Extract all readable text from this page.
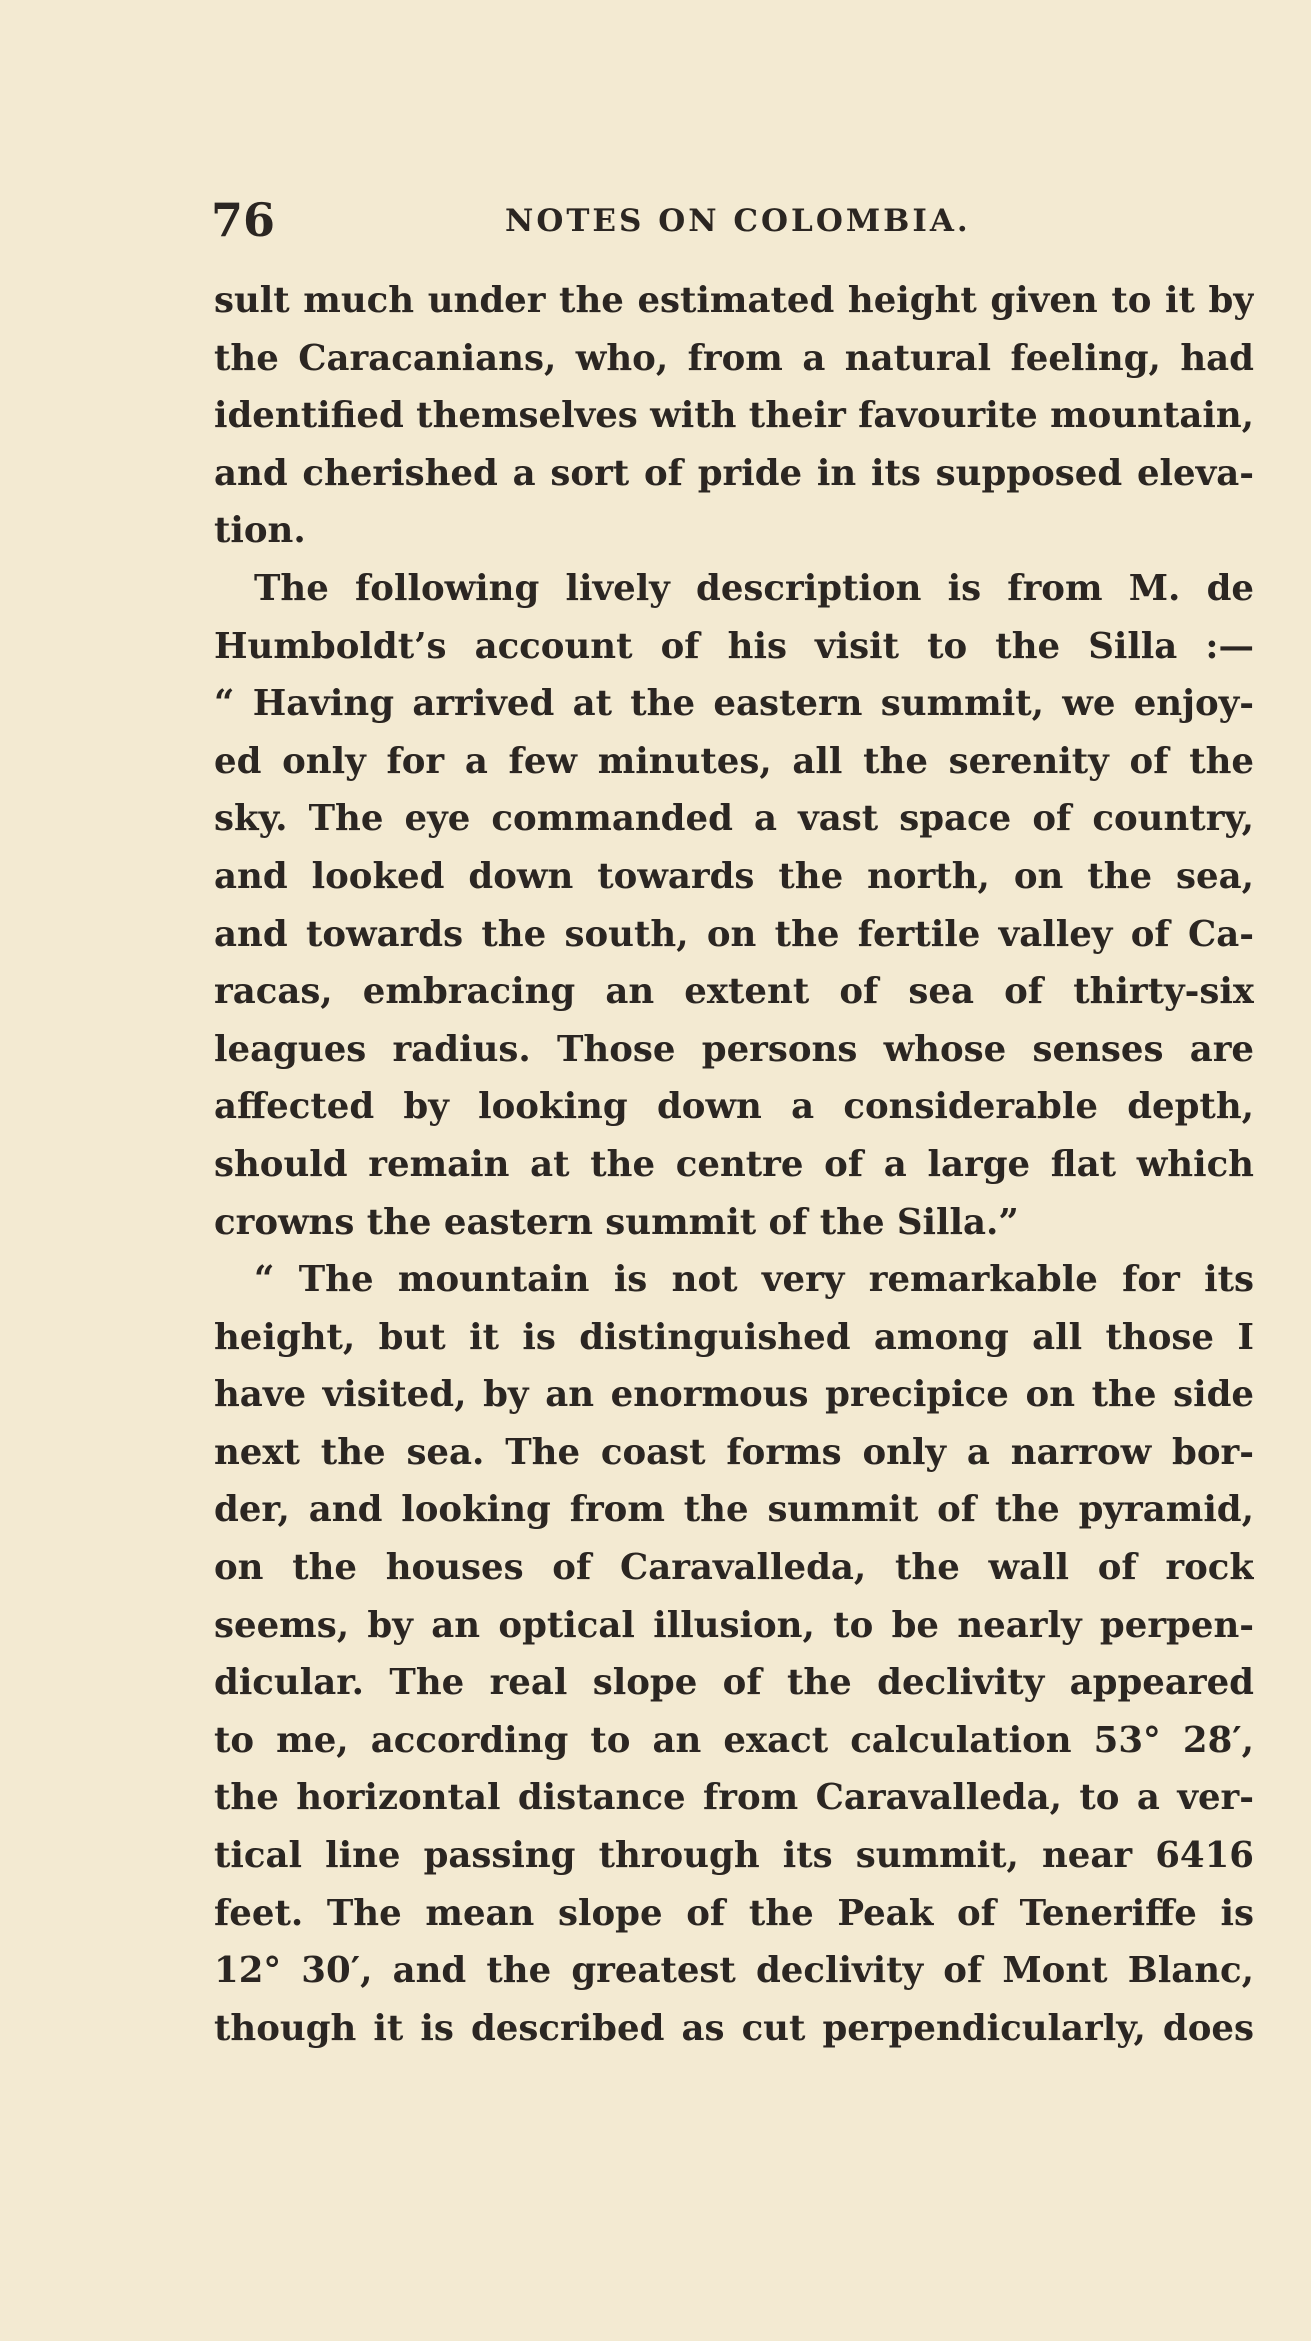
76	NOTES ON COLOMBIA.
sult much under the estimated height given to it by
the Caracanians, who, from a natural feeling, had
identified themselves with their favourite mountain,
and cherished a sort of pride in its supposed eleva-
tion.
The following lively description is from M. de
Humboldt’s account of his visit to the Silla :—
“ Having arrived at the eastern summit, we enjoy-
ed only for a few minutes, all the serenity of the
sky. The eye commanded a vast space of country,
and looked down towards the north, on the sea,
and towards the south, on the fertile valley of Ca-
racas, embracing an extent of sea of thirty-six
leagues radius. Those persons whose senses are
affected by looking down a considerable depth,
should remain at the centre of a large flat which
crowns the eastern summit of the Silla.”
“ The mountain is not very remarkable for its
height, but it is distinguished among all those I
have visited, by an enormous precipice on the side
next the sea. The coast forms only a narrow bor-
der, and looking from the summit of the pyramid,
on the houses of Caravalleda, the wall of rock
seems, by an optical illusion, to be nearly perpen-
dicular. The real slope of the declivity appeared
to me, according to an exact calculation 53° 28′,
the horizontal distance from Caravalleda, to a ver-
tical line passing through its summit, near 6416
feet. The mean slope of the Peak of Teneriffe is
12° 30′, and the greatest declivity of Mont Blanc,
though it is described as cut perpendicularly, does
